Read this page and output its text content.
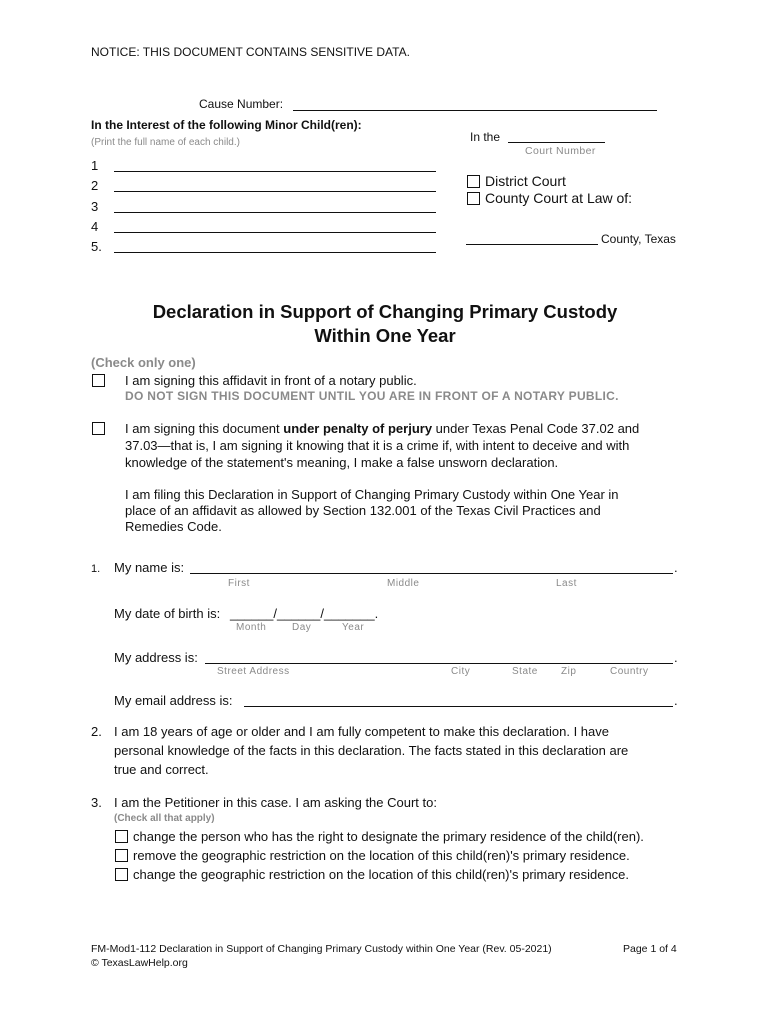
NOTICE: THIS DOCUMENT CONTAINS SENSITIVE DATA.
Cause Number:
In the Interest of the following Minor Child(ren):
(Print the full name of each child.)
1
2
3
4
5.
In the
Court Number
District Court
County Court at Law of:
County, Texas
Declaration in Support of Changing Primary Custody
Within One Year
(Check only one)
I am signing this affidavit in front of a notary public.
DO NOT SIGN THIS DOCUMENT UNTIL YOU ARE IN FRONT OF A NOTARY PUBLIC.
I am signing this document under penalty of perjury under Texas Penal Code 37.02 and
37.03—that is, I am signing it knowing that it is a crime if, with intent to deceive and with
knowledge of the statement's meaning, I make a false unsworn declaration.
I am filing this Declaration in Support of Changing Primary Custody within One Year in
place of an affidavit as allowed by Section 132.001 of the Texas Civil Practices and
Remedies Code.
1. My name is:	.
First	Middle	Last
My date of birth is: ______/______/_______.
Month	Day	Year
My address is:	.
Street Address	City	State Zip	Country
My email address is:	.
2. I am 18 years of age or older and I am fully competent to make this declaration. I have
personal knowledge of the facts in this declaration. The facts stated in this declaration are
true and correct.
3. I am the Petitioner in this case. I am asking the Court to:
(Check all that apply)
change the person who has the right to designate the primary residence of the child(ren).
remove the geographic restriction on the location of this child(ren)'s primary residence.
change the geographic restriction on the location of this child(ren)'s primary residence.
FM-Mod1-112 Declaration in Support of Changing Primary Custody within One Year (Rev. 05-2021)
© TexasLawHelp.org
Page 1 of 4
